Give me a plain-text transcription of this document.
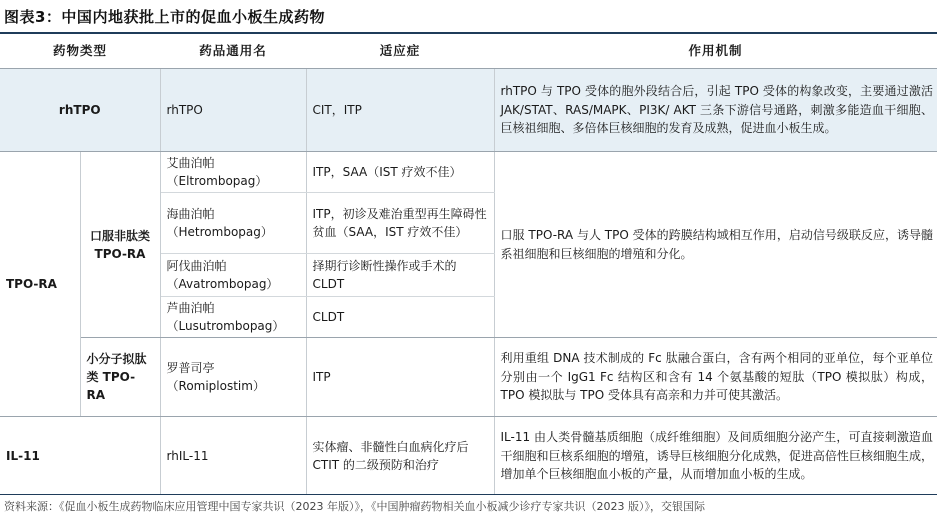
图表3：中国内地获批上市的促血小板生成药物
药物类型		药品通用名	适应症	作用机制
rhTPO		rhTPO	CIT，ITP	rhTPO 与 TPO 受体的胞外段结合后，引起 TPO 受体的构象改变，主要通过激活 JAK/STAT、RAS/MAPK、PI3K/ AKT 三条下游信号通路，刺激多能造血干细胞、巨核祖细胞、多倍体巨核细胞的发育及成熟，促进血小板生成。
TPO-RA	口服非肽类 TPO-RA	艾曲泊帕
（Eltrombopag）	ITP，SAA（IST 疗效不佳）	口服 TPO-RA 与人 TPO 受体的跨膜结构域相互作用，启动信号级联反应，诱导髓系祖细胞和巨核细胞的增殖和分化。

		海曲泊帕
（Hetrombopag）	ITP，初诊及难治重型再生障碍性贫血（SAA，IST 疗效不佳）	

		阿伐曲泊帕
（Avatrombopag）	择期行诊断性操作或手术的 CLDT	

		芦曲泊帕
（Lusutrombopag）	CLDT	
	小分子拟肽类 TPO-RA	罗普司亭
（Romiplostim）	ITP	利用重组 DNA 技术制成的 Fc 肽融合蛋白，含有两个相同的亚单位，每个亚单位分别由一个 IgG1 Fc 结构区和含有 14 个氨基酸的短肽（TPO 模拟肽）构成，TPO 模拟肽与 TPO 受体具有高亲和力并可使其激活。
IL-11		rhIL-11	实体瘤、非髓性白血病化疗后 CTIT 的二级预防和治疗	IL-11 由人类骨髓基质细胞（成纤维细胞）及间质细胞分泌产生，可直接刺激造血干细胞和巨核系细胞的增殖，诱导巨核细胞分化成熟，促进高倍性巨核细胞生成，增加单个巨核细胞血小板的产量，从而增加血小板的生成。
资料来源：《促血小板生成药物临床应用管理中国专家共识（2023 年版）》，《中国肿瘤药物相关血小板减少诊疗专家共识（2023 版）》，交银国际
